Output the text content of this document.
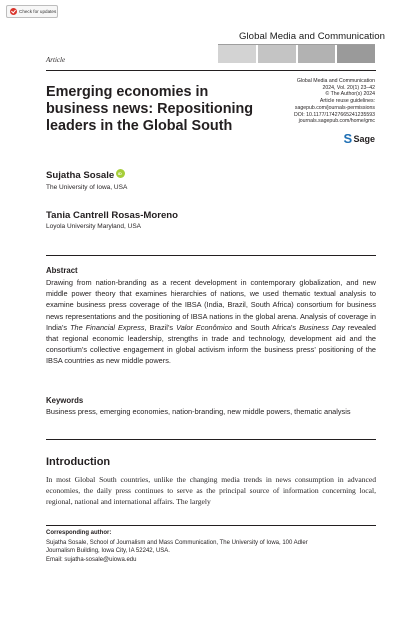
Check for updates
Global Media and Communication
Article
Global Media and Communication
2024, Vol. 20(1) 23–42
© The Author(s) 2024
Article reuse guidelines:
sagepub.com/journals-permissions
DOI: 10.1177/17427665241235593
journals.sagepub.com/home/gmc
S
Sage
Emerging economies in business news: Repositioning leaders in the Global South
Sujatha Sosale
iD
The University of Iowa, USA
Tania Cantrell Rosas-Moreno
Loyola University Maryland, USA
Abstract
Drawing from nation-branding as a recent development in contemporary globalization, and new middle power theory that examines hierarchies of nations, we used thematic textual analysis to examine business press coverage of the IBSA (India, Brazil, South Africa) consortium for business news representations and the positioning of IBSA nations in the global arena. Analysis of coverage in India’s The Financial Express, Brazil’s Valor Econômico and South Africa’s Business Day revealed that regional economic leadership, strengths in trade and technology, development aid and the consortium’s collective engagement in global activism inform the business press’ positioning of the IBSA countries as new middle powers.
Keywords
Business press, emerging economies, nation-branding, new middle powers, thematic analysis
Introduction
In most Global South countries, unlike the changing media trends in news consumption in advanced economies, the daily press continues to serve as the principal source of information concerning local, regional, national and international affairs. The largely
Corresponding author:
Sujatha Sosale, School of Journalism and Mass Communication, The University of Iowa, 100 Adler
Journalism Building, Iowa City, IA 52242, USA.
Email: sujatha-sosale@uiowa.edu
